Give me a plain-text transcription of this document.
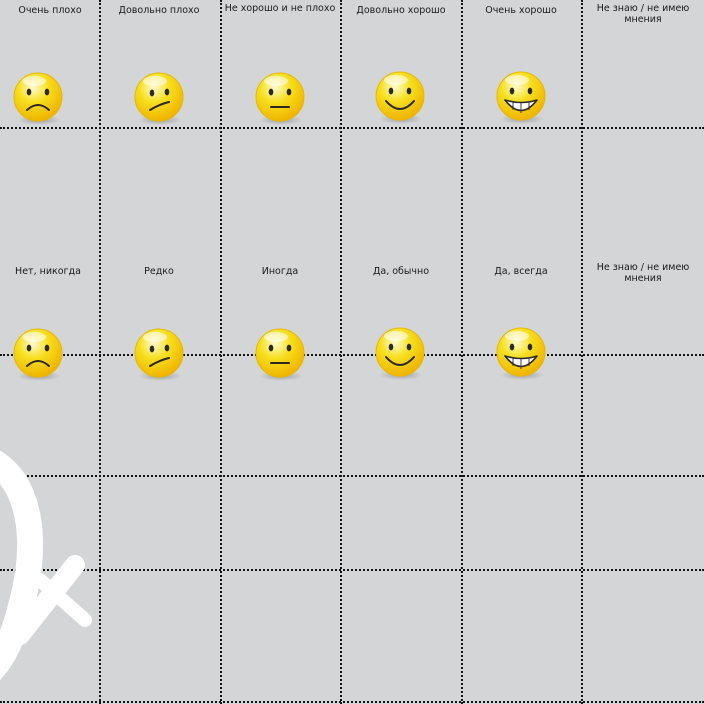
Очень плохо	Довольно плохо	Не хорошо и не плохо	Довольно хорошо	Очень хорошо	Не знаю / не имею мнения
Нет, никогда	Редко	Иногда	Да, обычно	Да, всегда	Не знаю / не имею мнения
